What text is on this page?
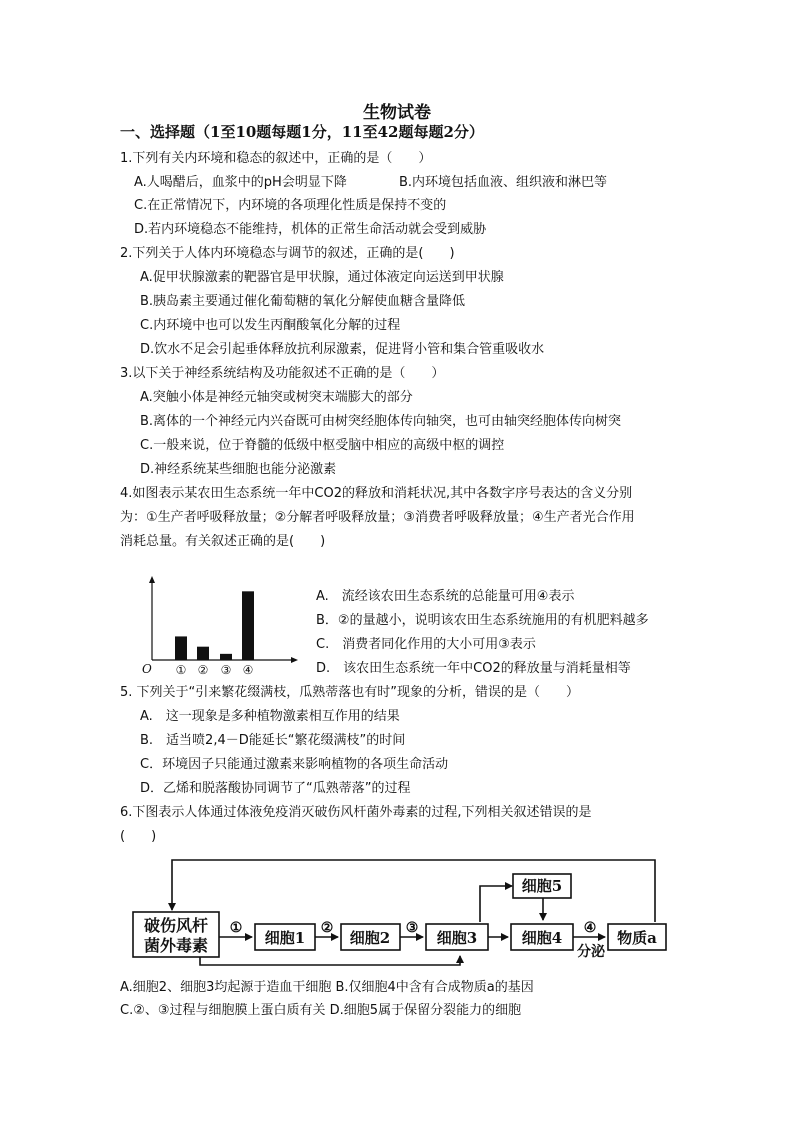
生物试卷
一、选择题（1至10题每题1分，11至42题每题2分）
1.下列有关内环境和稳态的叙述中，正确的是（　　）
A.人喝醋后，血浆中的pH会明显下降	B.内环境包括血液、组织液和淋巴等
C.在正常情况下，内环境的各项理化性质是保持不变的
D.若内环境稳态不能维持，机体的正常生命活动就会受到威胁
2.下列关于人体内环境稳态与调节的叙述，正确的是(　　)
A.促甲状腺激素的靶器官是甲状腺，通过体液定向运送到甲状腺
B.胰岛素主要通过催化葡萄糖的氧化分解使血糖含量降低
C.内环境中也可以发生丙酮酸氧化分解的过程
D.饮水不足会引起垂体释放抗利尿激素，促进肾小管和集合管重吸收水
3.以下关于神经系统结构及功能叙述不正确的是（　　）
A.突触小体是神经元轴突或树突末端膨大的部分
B.离体的一个神经元内兴奋既可由树突经胞体传向轴突，也可由轴突经胞体传向树突
C.一般来说，位于脊髓的低级中枢受脑中相应的高级中枢的调控
D.神经系统某些细胞也能分泌激素
4.如图表示某农田生态系统一年中CO2的释放和消耗状况,其中各数字序号表达的含义分别
为：①生产者呼吸释放量；②分解者呼吸释放量；③消费者呼吸释放量；④生产者光合作用
消耗总量。有关叙述正确的是(　　)
O ① ② ③ ④
A.　流经该农田生态系统的总能量可用④表示
B．②的量越小，说明该农田生态系统施用的有机肥料越多
C.　消费者同化作用的大小可用③表示
D.　该农田生态系统一年中CO2的释放量与消耗量相等
5. 下列关于“引来繁花缀满枝，瓜熟蒂落也有时”现象的分析，错误的是（　　）
A.　这一现象是多种植物激素相互作用的结果
B.　适当喷2,4－D能延长“繁花缀满枝”的时间
C．环境因子只能通过激素来影响植物的各项生命活动
D．乙烯和脱落酸协同调节了“瓜熟蒂落”的过程
6.下图表示人体通过体液免疫消灭破伤风杆菌外毒素的过程,下列相关叙述错误的是
(　　)
破伤风杆
菌外毒素	细胞1	细胞2	细胞3
细胞5
细胞4	物质a
①	②	③	④
分泌
A.细胞2、细胞3均起源于造血干细胞 B.仅细胞4中含有合成物质a的基因
C.②、③过程与细胞膜上蛋白质有关 D.细胞5属于保留分裂能力的细胞
